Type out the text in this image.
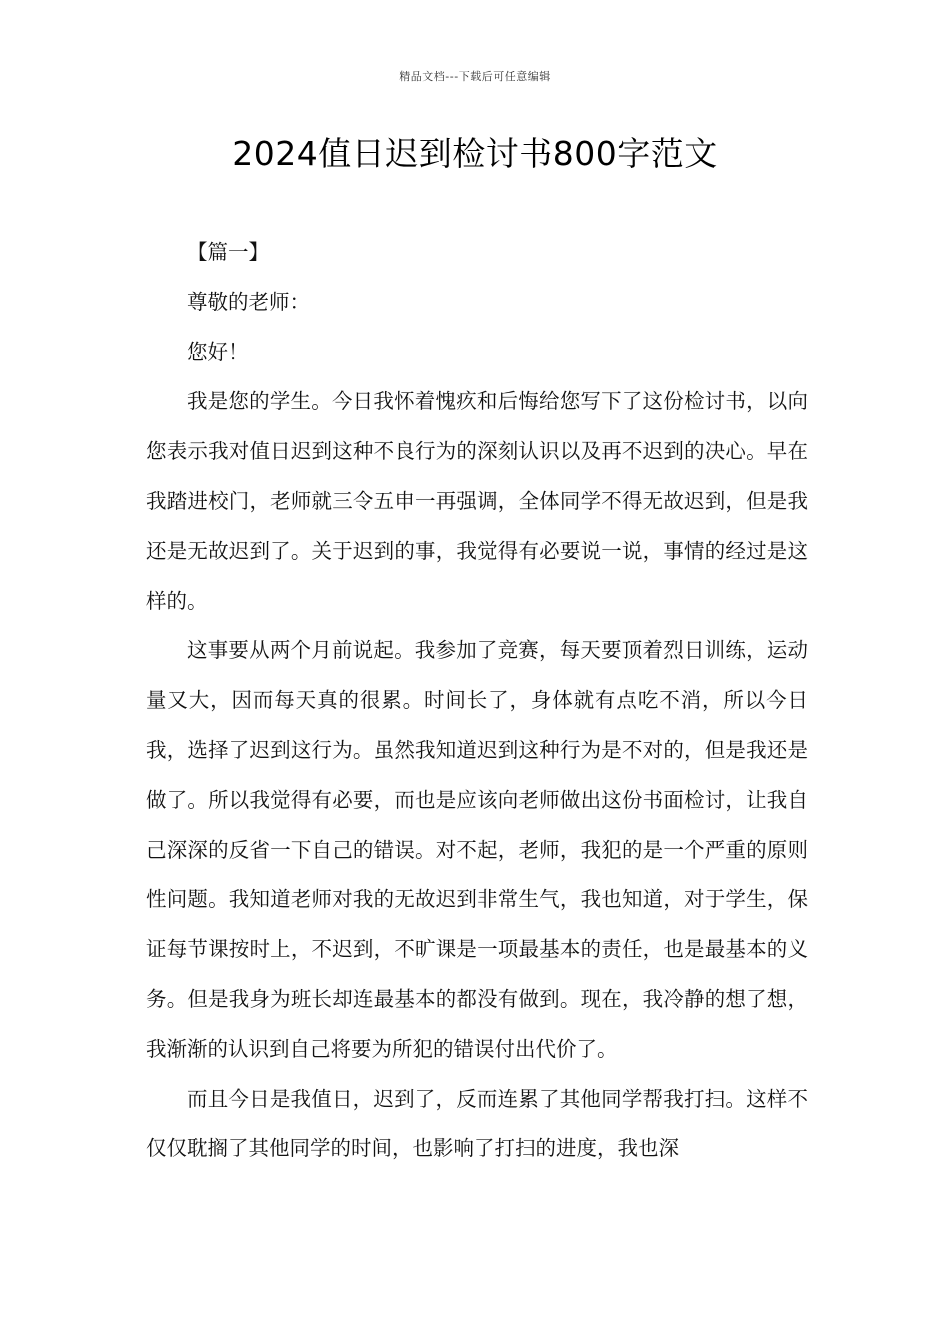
精品文档---下载后可任意编辑
2024值日迟到检讨书800字范文

【篇一】

尊敬的老师：

您好！

我是您的学生。今日我怀着愧疚和后悔给您写下了这份检讨书，以向您表示我对值日迟到这种不良行为的深刻认识以及再不迟到的决心。早在我踏进校门，老师就三令五申一再强调，全体同学不得无故迟到，但是我还是无故迟到了。关于迟到的事，我觉得有必要说一说，事情的经过是这样的。

这事要从两个月前说起。我参加了竞赛，每天要顶着烈日训练，运动量又大，因而每天真的很累。时间长了，身体就有点吃不消，所以今日我，选择了迟到这行为。虽然我知道迟到这种行为是不对的，但是我还是做了。所以我觉得有必要，而也是应该向老师做出这份书面检讨，让我自己深深的反省一下自己的错误。对不起，老师，我犯的是一个严重的原则性问题。我知道老师对我的无故迟到非常生气，我也知道，对于学生，保证每节课按时上，不迟到，不旷课是一项最基本的责任，也是最基本的义务。但是我身为班长却连最基本的都没有做到。现在，我冷静的想了想，我渐渐的认识到自己将要为所犯的错误付出代价了。

而且今日是我值日，迟到了，反而连累了其他同学帮我打扫。这样不仅仅耽搁了其他同学的时间，也影响了打扫的进度，我也深
